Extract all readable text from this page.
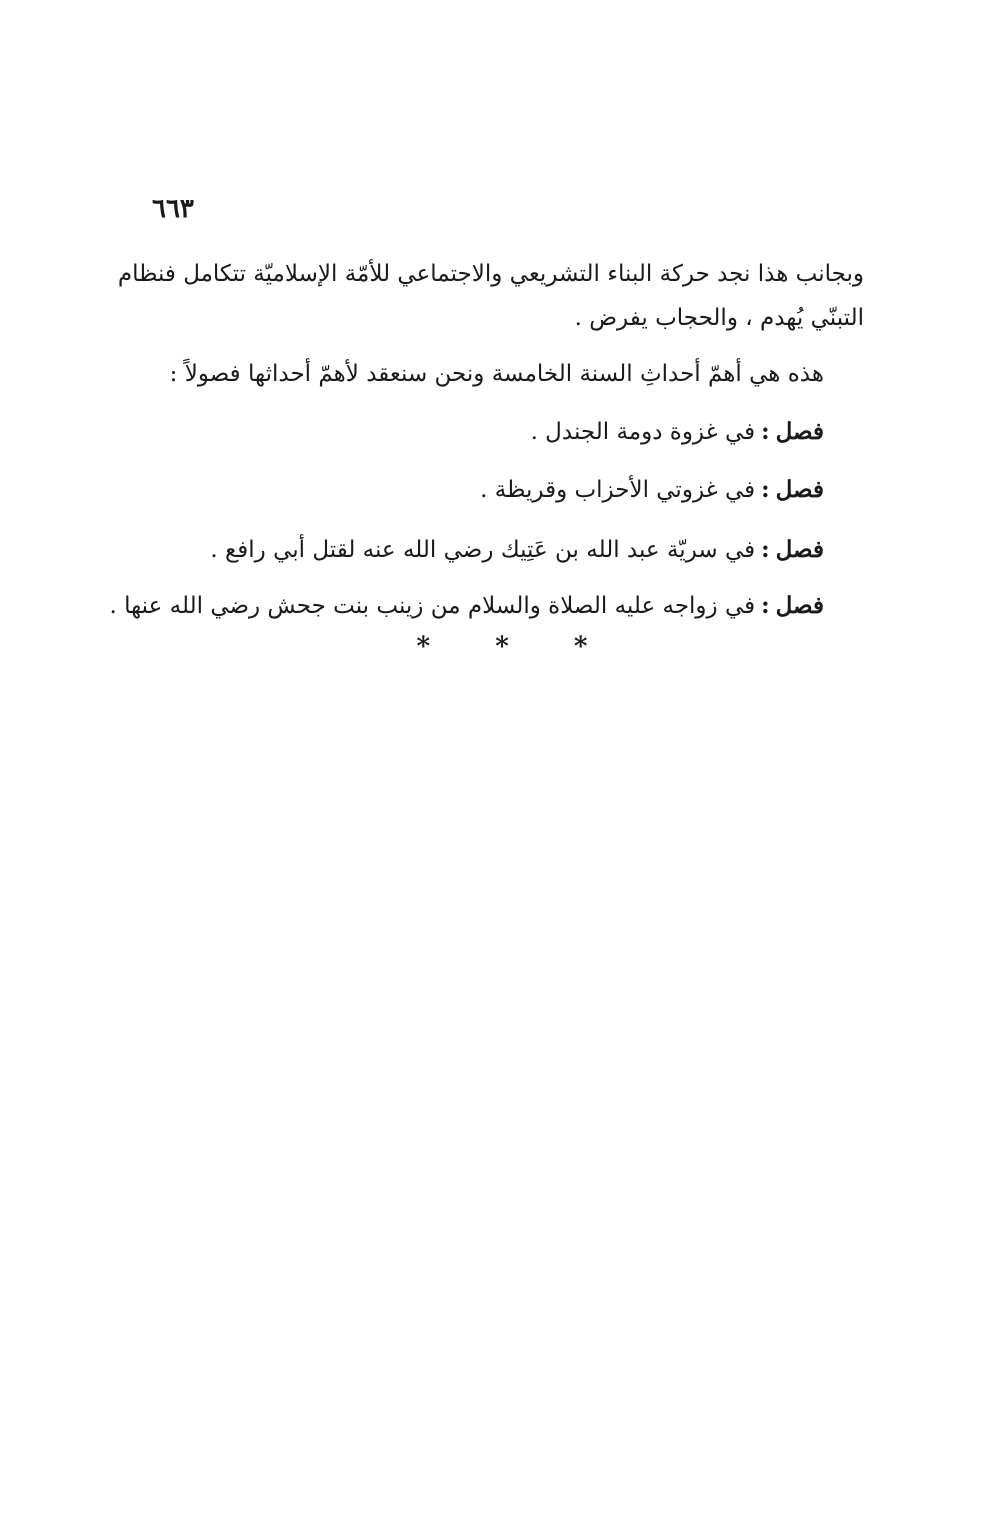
٦٦٣
وبجانب هذا نجد حركة البناء التشريعي والاجتماعي للأمّة الإسلاميّة تتكامل فنظام
التبنّي يُهدم ، والحجاب يفرض .
هذه هي أهمّ أحداثِ السنة الخامسة ونحن سنعقد لأهمّ أحداثها فصولاً :
فصل:في غزوة دومة الجندل .
فصل:في غزوتي الأحزاب وقريظة .
فصل:في سريّة عبد الله بن عَتِيك رضي الله عنه لقتل أبي رافع .
فصل:في زواجه عليه الصلاة والسلام من زينب بنت جحش رضي الله عنها .
* * *
